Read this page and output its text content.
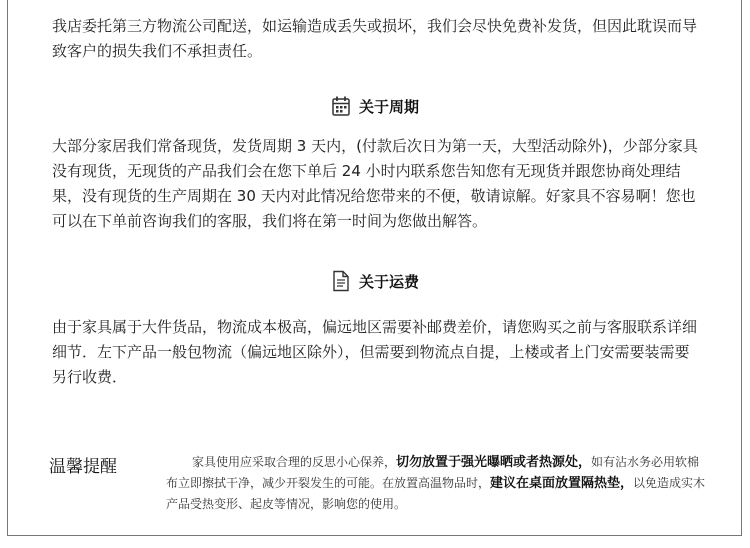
我店委托第三方物流公司配送，如运输造成丢失或损坏，我们会尽快免费补发货，但因此耽误而导致客户的损失我们不承担责任。

关于周期

大部分家居我们常备现货，发货周期 3 天内，(付款后次日为第一天，大型活动除外)，少部分家具没有现货，无现货的产品我们会在您下单后 24 小时内联系您告知您有无现货并跟您协商处理结果，没有现货的生产周期在 30 天内对此情况给您带来的不便，敬请谅解。好家具不容易啊！您也可以在下单前咨询我们的客服，我们将在第一时间为您做出解答。

关于运费

由于家具属于大件货品，物流成本极高，偏远地区需要补邮费差价，请您购买之前与客服联系详细细节．左下产品一般包物流（偏远地区除外），但需要到物流点自提，上楼或者上门安需要装需要另行收费．

温馨提醒	家具使用应采取合理的反思小心保养，切勿放置于强光曝晒或者热源处，如有沾水务必用软棉布立即擦拭干净，减少开裂发生的可能。在放置高温物品时，建议在桌面放置隔热垫，以免造成实木产品受热变形、起皮等情况，影响您的使用。
